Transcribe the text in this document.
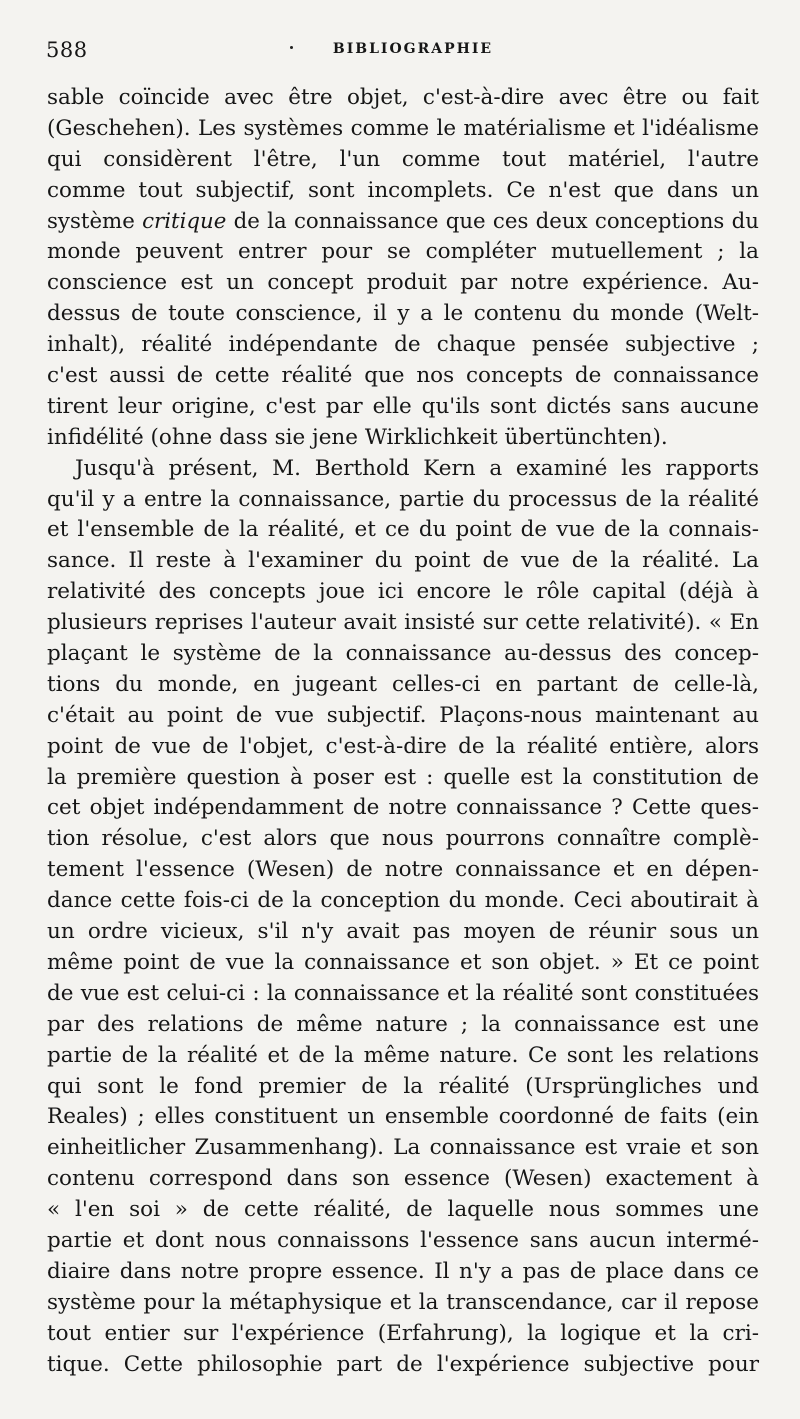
588	BIBLIOGRAPHIE
sable coïncide avec être objet, c'est-à-dire avec être ou fait
(Geschehen). Les systèmes comme le matérialisme et l'idéalisme
qui considèrent l'être, l'un comme tout matériel, l'autre
comme tout subjectif, sont incomplets. Ce n'est que dans un
système critique de la connaissance que ces deux conceptions du
monde peuvent entrer pour se compléter mutuellement ; la
conscience est un concept produit par notre expérience. Au-
dessus de toute conscience, il y a le contenu du monde (Welt-
inhalt), réalité indépendante de chaque pensée subjective ;
c'est aussi de cette réalité que nos concepts de connaissance
tirent leur origine, c'est par elle qu'ils sont dictés sans aucune
infidélité (ohne dass sie jene Wirklichkeit übertünchten).
Jusqu'à présent, M. Berthold Kern a examiné les rapports
qu'il y a entre la connaissance, partie du processus de la réalité
et l'ensemble de la réalité, et ce du point de vue de la connais-
sance. Il reste à l'examiner du point de vue de la réalité. La
relativité des concepts joue ici encore le rôle capital (déjà à
plusieurs reprises l'auteur avait insisté sur cette relativité). « En
plaçant le système de la connaissance au-dessus des concep-
tions du monde, en jugeant celles-ci en partant de celle-là,
c'était au point de vue subjectif. Plaçons-nous maintenant au
point de vue de l'objet, c'est-à-dire de la réalité entière, alors
la première question à poser est : quelle est la constitution de
cet objet indépendamment de notre connaissance ? Cette ques-
tion résolue, c'est alors que nous pourrons connaître complè-
tement l'essence (Wesen) de notre connaissance et en dépen-
dance cette fois-ci de la conception du monde. Ceci aboutirait à
un ordre vicieux, s'il n'y avait pas moyen de réunir sous un
même point de vue la connaissance et son objet. » Et ce point
de vue est celui-ci : la connaissance et la réalité sont constituées
par des relations de même nature ; la connaissance est une
partie de la réalité et de la même nature. Ce sont les relations
qui sont le fond premier de la réalité (Ursprüngliches und
Reales) ; elles constituent un ensemble coordonné de faits (ein
einheitlicher Zusammenhang). La connaissance est vraie et son
contenu correspond dans son essence (Wesen) exactement à
« l'en soi » de cette réalité, de laquelle nous sommes une
partie et dont nous connaissons l'essence sans aucun intermé-
diaire dans notre propre essence. Il n'y a pas de place dans ce
système pour la métaphysique et la transcendance, car il repose
tout entier sur l'expérience (Erfahrung), la logique et la cri-
tique. Cette philosophie part de l'expérience subjective pour
